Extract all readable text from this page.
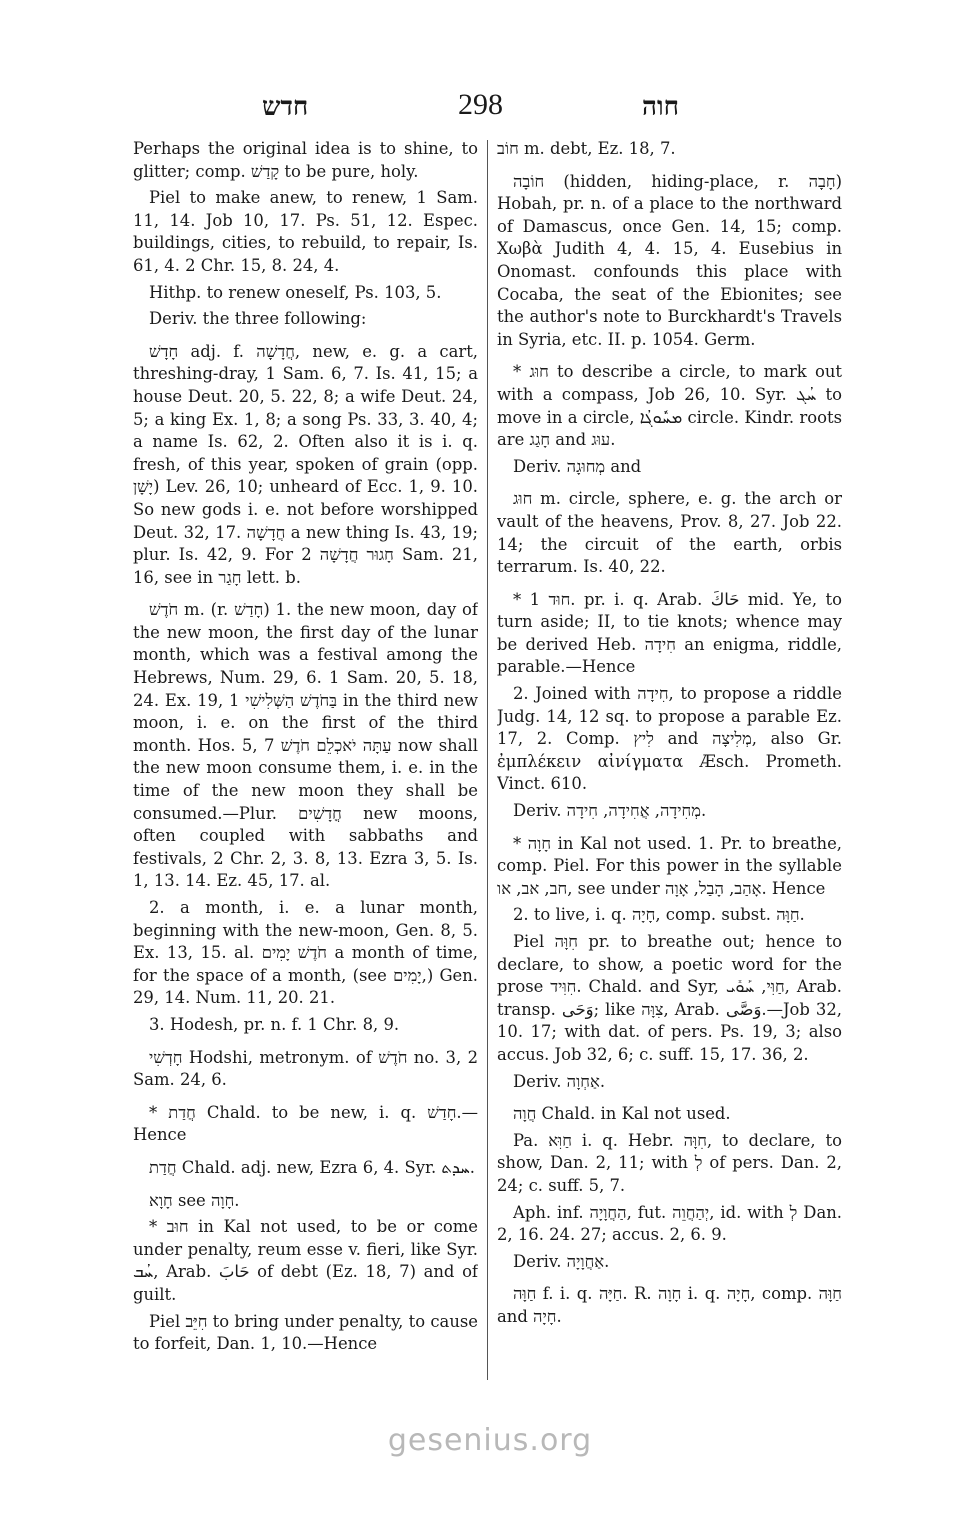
חדש	298	חוה

Perhaps the original idea is to shine, to glitter; comp. קָדַשׁ to be pure, holy.

Piel to make anew, to renew, 1 Sam. 11, 14. Job 10, 17. Ps. 51, 12. Espec. buildings, cities, to rebuild, to repair, Is. 61, 4. 2 Chr. 15, 8. 24, 4.

Hithp. to renew oneself, Ps. 103, 5.

Deriv. the three following:

חָדָשׁ adj. f. חֲדָשָׁה, new, e. g. a cart, threshing-dray, 1 Sam. 6, 7. Is. 41, 15; a house Deut. 20, 5. 22, 8; a wife Deut. 24, 5; a king Ex. 1, 8; a song Ps. 33, 3. 40, 4; a name Is. 62, 2. Often also it is i. q. fresh, of this year, spoken of grain (opp. יָשָׁן) Lev. 26, 10; unheard of Ecc. 1, 9. 10. So new gods i. e. not before worshipped Deut. 32, 17. חֲדָשָׁה a new thing Is. 43, 19; plur. Is. 42, 9. For חָגוּר חֲדָשָׁה 2 Sam. 21, 16, see in חָגַר lett. b.

חֹדֶשׁ m. (r. חָדַשׁ) 1. the new moon, day of the new moon, the first day of the lunar month, which was a festival among the Hebrews, Num. 29, 6. 1 Sam. 20, 5. 18, 24. Ex. 19, 1 בַּחֹדֶשׁ הַשְּׁלִישִׁי in the third new moon, i. e. on the first of the third month. Hos. 5, 7 עַתָּה יֹאכְלֵם חֹדֶשׁ now shall the new moon consume them, i. e. in the time of the new moon they shall be consumed.—Plur. חֳדָשִׁים new moons, often coupled with sabbaths and festivals, 2 Chr. 2, 3. 8, 13. Ezra 3, 5. Is. 1, 13. 14. Ez. 45, 17. al.

2. a month, i. e. a lunar month, beginning with the new-moon, Gen. 8, 5. Ex. 13, 15. al. חֹדֶשׁ יָמִים a month of time, for the space of a month, (see יָמִים,) Gen. 29, 14. Num. 11, 20. 21.

3. Hodesh, pr. n. f. 1 Chr. 8, 9.

חָדְשִׁי Hodshi, metronym. of חֹדֶשׁ no. 3, 2 Sam. 24, 6.

* חֲדַת Chald. to be new, i. q. חָדַשׁ.—Hence

חֲדַת Chald. adj. new, Ezra 6, 4. Syr. ܚܕܬ.

חָוָא see חָוָה.

* חוּב in Kal not used, to be or come under penalty, reum esse v. fieri, like Syr. ܚܳܒ, Arab. حَابَ of debt (Ez. 18, 7) and of guilt.

Piel חִיֵּב to bring under penalty, to cause to forfeit, Dan. 1, 10.—Hence

חוֹב m. debt, Ez. 18, 7.

חוֹבָה (hidden, hiding-place, r. חָבָה) Hobah, pr. n. of a place to the northward of Damascus, once Gen. 14, 15; comp. Χωβὰ Judith 4, 4. 15, 4. Eusebius in Onomast. confounds this place with Cocaba, the seat of the Ebionites; see the author's note to Burckhardt's Travels in Syria, etc. II. p. 1054. Germ.

* חוּג to describe a circle, to mark out with a compass, Job 26, 10. Syr. ܚܳܓ to move in a circle, ܡܚܽܘܓܳܐ circle. Kindr. roots are חָגַג and עוּג.

Deriv. מְחוּגָה and

חוּג m. circle, sphere, e. g. the arch or vault of the heavens, Prov. 8, 27. Job 22. 14; the circuit of the earth, orbis terrarum. Is. 40, 22.

* חוּד 1. pr. i. q. Arab. حَاكَ mid. Ye, to turn aside; II, to tie knots; whence may be derived Heb. חִידָה an enigma, riddle, parable.—Hence

2. Joined with חִידָה, to propose a riddle Judg. 14, 12 sq. to propose a parable Ez. 17, 2. Comp. לִיץ and מְלִיצָה, also Gr. ἐμπλέκειν αἰνίγματα Æsch. Prometh. Vinct. 610.

Deriv. מְחִידָה, אֲחִידָה, חִידָה.

* חָוָה in Kal not used. 1. Pr. to breathe, comp. Piel. For this power in the syllable חב, אב, או, see under אָהַב, הָבַל, אָוָה. Hence

2. to live, i. q. חָיָה, comp. subst. חַוָּה.

Piel חִוָּה pr. to breathe out; hence to declare, to show, a poetic word for the prose חִוִּיד. Chald. and Syr, חַוִּי, ܚܰܘܺܝ, Arab. transp. وَحَى; like צִוָּה, Arab. وَصَّى.—Job 32, 10. 17; with dat. of pers. Ps. 19, 3; also accus. Job 32, 6; c. suff. 15, 17. 36, 2.

Deriv. אַחְוָה.

חֲוָה Chald. in Kal not used.

Pa. חַוִּא i. q. Hebr. חִוָּה, to declare, to show, Dan. 2, 11; with לְ of pers. Dan. 2, 24; c. suff. 5, 7.

Aph. inf. הַחֲוָיָה, fut. יְהַחֲוֵה, id. with לְ Dan. 2, 16. 24. 27; accus. 2, 6. 9.

Deriv. אַחֲוָיָה.

חַוָּה f. i. q. חַיָּה. R. חָוָה i. q. חָיָה, comp. חַוָּה and חָיָה.

gesenius.org
